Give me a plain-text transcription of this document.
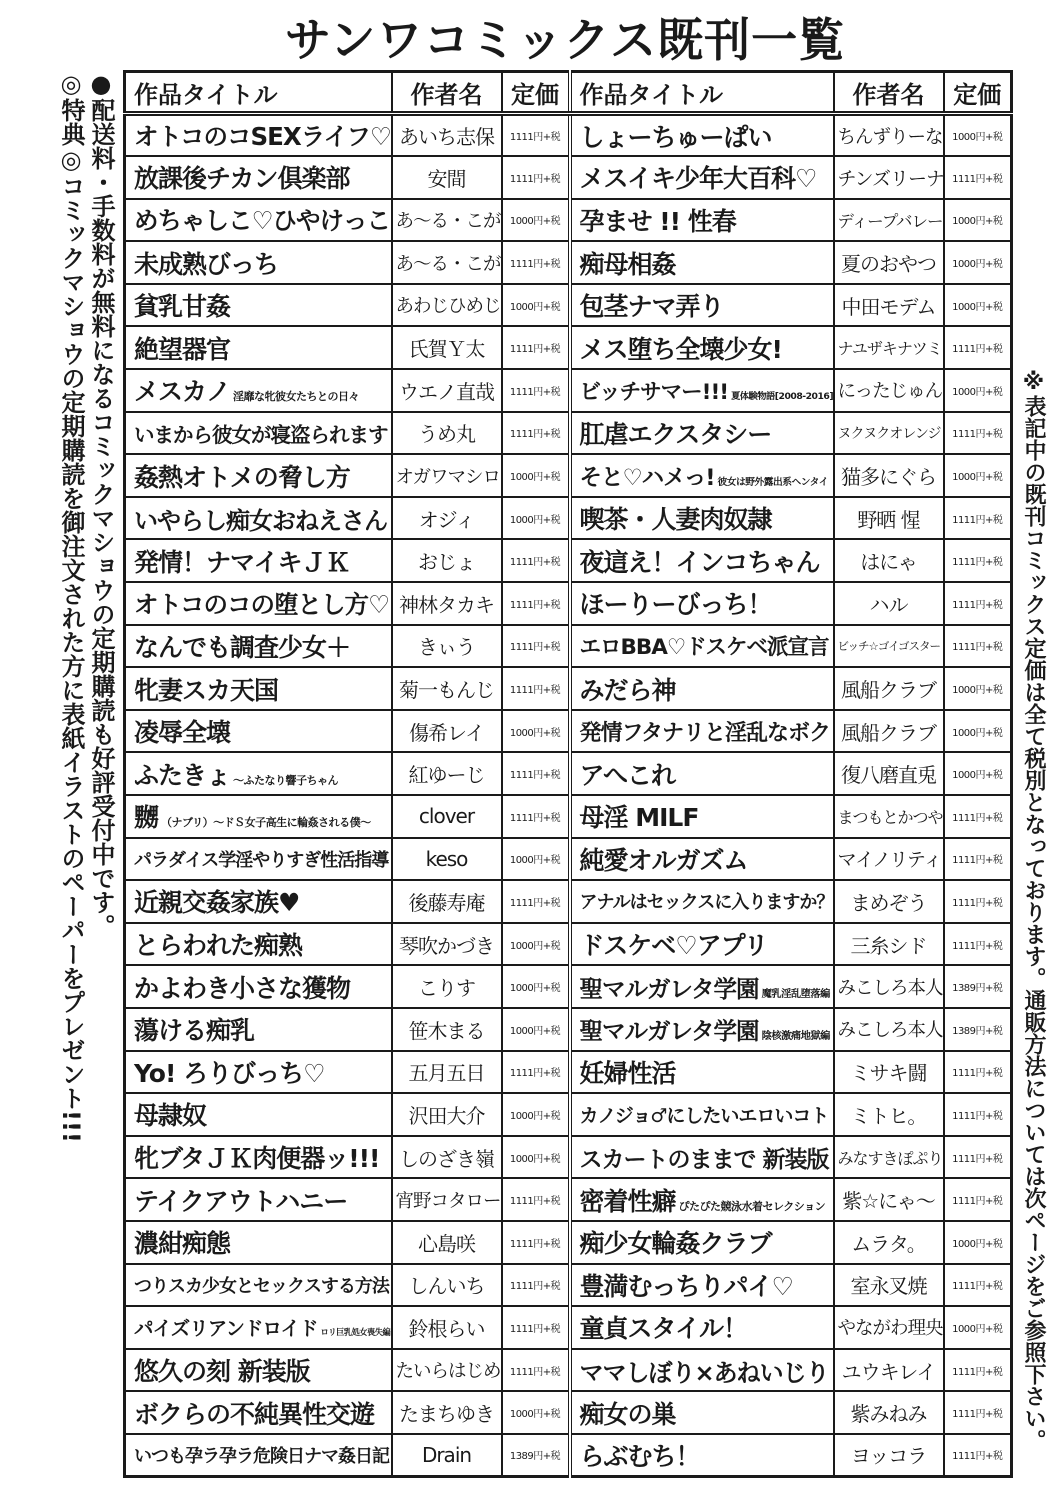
サンワコミックス既刊一覧
●配送料・手数料が無料になるコミックマショウの定期購読も好評受付中です。
◎特典◎コミックマショウの定期購読を御注文された方に表紙イラストのペーパーをプレゼント!!!	※表記中の既刊コミックス定価は全て税別となっております。通販方法については次ページをご参照下さい。
作品タイトル	作者名	定価	作品タイトル	作者名	定価
オトコのコSEXライフ♡	あいち志保	1111円+税	しょーちゅーぱい	ちんずりーな	1000円+税
放課後チカン倶楽部	安間	1111円+税	メスイキ少年大百科♡	チンズリーナ	1111円+税
めちゃしこ♡ひやけっこ	あ〜る・こが	1000円+税	孕ませ !! 性春	ディープバレー	1000円+税
未成熟びっち	あ〜る・こが	1111円+税	痴母相姦	夏のおやつ	1000円+税
貧乳甘姦	あわじひめじ	1000円+税	包茎ナマ弄り	中田モデム	1000円+税
絶望器官	氏賀Ｙ太	1111円+税	メス堕ち全壊少女!	ナユザキナツミ	1111円+税
メスカノ 淫靡な牝彼女たちとの日々	ウエノ直哉	1111円+税	ビッチサマー!!! 夏体験物語[2008-2016]	にったじゅん	1000円+税
いまから彼女が寝盗られます	うめ丸	1111円+税	肛虐エクスタシー	ヌクヌクオレンジ	1111円+税
姦熱オトメの脅し方	オガワマシロ	1000円+税	そと♡ハメっ! 彼女は野外露出系ヘンタイ	猫多にぐら	1000円+税
いやらし痴女おねえさん	オジィ	1000円+税	喫茶・人妻肉奴隷	野晒 惺	1111円+税
発情！ナマイキＪＫ	おじょ	1111円+税	夜這え！インコちゃん	はにゃ	1111円+税
オトコのコの堕とし方♡	神林タカキ	1111円+税	ほーりーびっち！	ハル	1111円+税
なんでも調査少女＋	きぃう	1111円+税	エロBBA♡ドスケベ派宣言	ビッチ☆ゴイゴスター	1111円+税
牝妻スカ天国	菊一もんじ	1111円+税	みだら神	風船クラブ	1000円+税
凌辱全壊	傷希レイ	1000円+税	発情フタナリと淫乱なボク	風船クラブ	1000円+税
ふたきょ 〜ふたなり響子ちゃん	紅ゆーじ	1111円+税	アへこれ	復八磨直兎	1000円+税
嬲 （ナブリ）〜ドＳ女子高生に輪姦される僕〜	clover	1111円+税	母淫 MILF	まつもとかつや	1111円+税
パラダイス学淫やりすぎ性活指導	keso	1000円+税	純愛オルガズム	マイノリティ	1111円+税
近親交姦家族♥	後藤寿庵	1111円+税	アナルはセックスに入りますか？	まめぞう	1111円+税
とらわれた痴熟	琴吹かづき	1000円+税	ドスケベ♡アプリ	三糸シド	1111円+税
かよわき小さな獲物	こりす	1000円+税	聖マルガレタ学園 魔乳淫乱堕落編	みこしろ本人	1389円+税
蕩ける痴乳	笹木まる	1000円+税	聖マルガレタ学園 陰核激痛地獄編	みこしろ本人	1389円+税
Yo! ろりびっち♡	五月五日	1111円+税	妊婦性活	ミサキ闘	1111円+税
母隷奴	沢田大介	1000円+税	カノジョ♂にしたいエロいコト	ミトヒ。	1111円+税
牝ブタＪＫ肉便器ッ!!!	しのざき嶺	1000円+税	スカートのままで 新装版	みなすきぽぷり	1111円+税
テイクアウトハニー	宵野コタロー	1111円+税	密着性癖 ぴたぴた競泳水着セレクション	紫☆にゃ〜	1111円+税
濃紺痴態	心島咲	1111円+税	痴少女輪姦クラブ	ムラタ。	1000円+税
つりスカ少女とセックスする方法	しんいち	1111円+税	豊満むっちりパイ♡	室永叉焼	1111円+税
パイズリアンドロイド ロリ巨乳処女喪失編	鈴根らい	1111円+税	童貞スタイル！	やながわ理央	1000円+税
悠久の刻 新装版	たいらはじめ	1111円+税	ママしぼり×あねいじり	ユウキレイ	1111円+税
ボクらの不純異性交遊	たまちゆき	1000円+税	痴女の巣	紫みねみ	1111円+税
いつも孕ラ孕ラ危険日ナマ姦日記	Drain	1389円+税	らぶむち！	ヨッコラ	1111円+税
